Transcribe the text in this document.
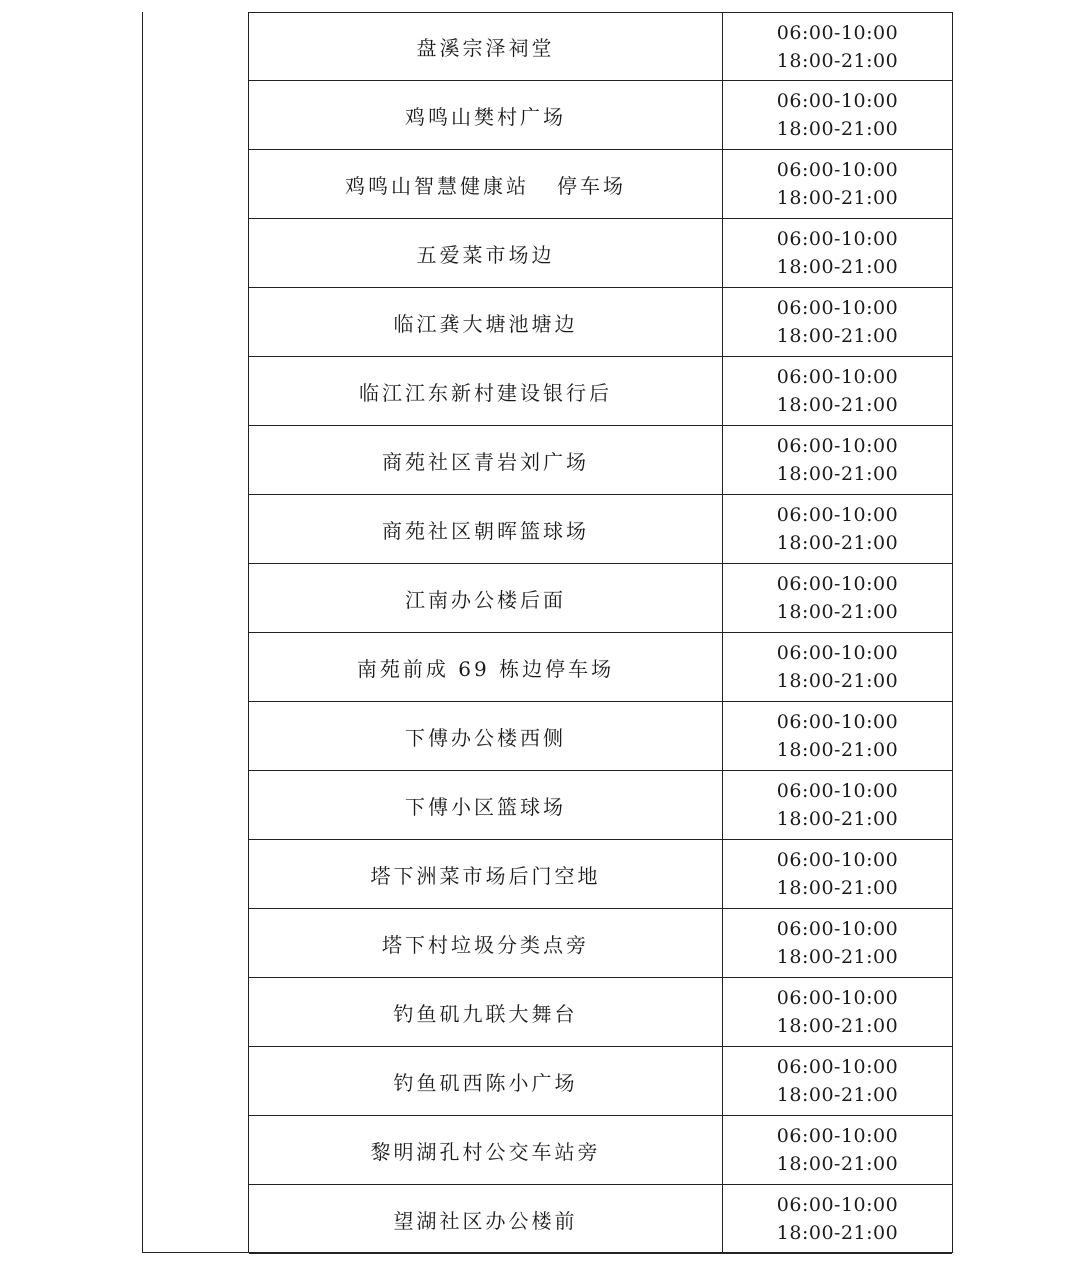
盘溪宗泽祠堂
06:00-10:00
18:00-21:00
鸡鸣山樊村广场
06:00-10:00
18:00-21:00
鸡鸣山智慧健康站   停车场
06:00-10:00
18:00-21:00
五爱菜市场边
06:00-10:00
18:00-21:00
临江龚大塘池塘边
06:00-10:00
18:00-21:00
临江江东新村建设银行后
06:00-10:00
18:00-21:00
商苑社区青岩刘广场
06:00-10:00
18:00-21:00
商苑社区朝晖篮球场
06:00-10:00
18:00-21:00
江南办公楼后面
06:00-10:00
18:00-21:00
南苑前成 69 栋边停车场
06:00-10:00
18:00-21:00
下傅办公楼西侧
06:00-10:00
18:00-21:00
下傅小区篮球场
06:00-10:00
18:00-21:00
塔下洲菜市场后门空地
06:00-10:00
18:00-21:00
塔下村垃圾分类点旁
06:00-10:00
18:00-21:00
钓鱼矶九联大舞台
06:00-10:00
18:00-21:00
钓鱼矶西陈小广场
06:00-10:00
18:00-21:00
黎明湖孔村公交车站旁
06:00-10:00
18:00-21:00
望湖社区办公楼前
06:00-10:00
18:00-21:00
